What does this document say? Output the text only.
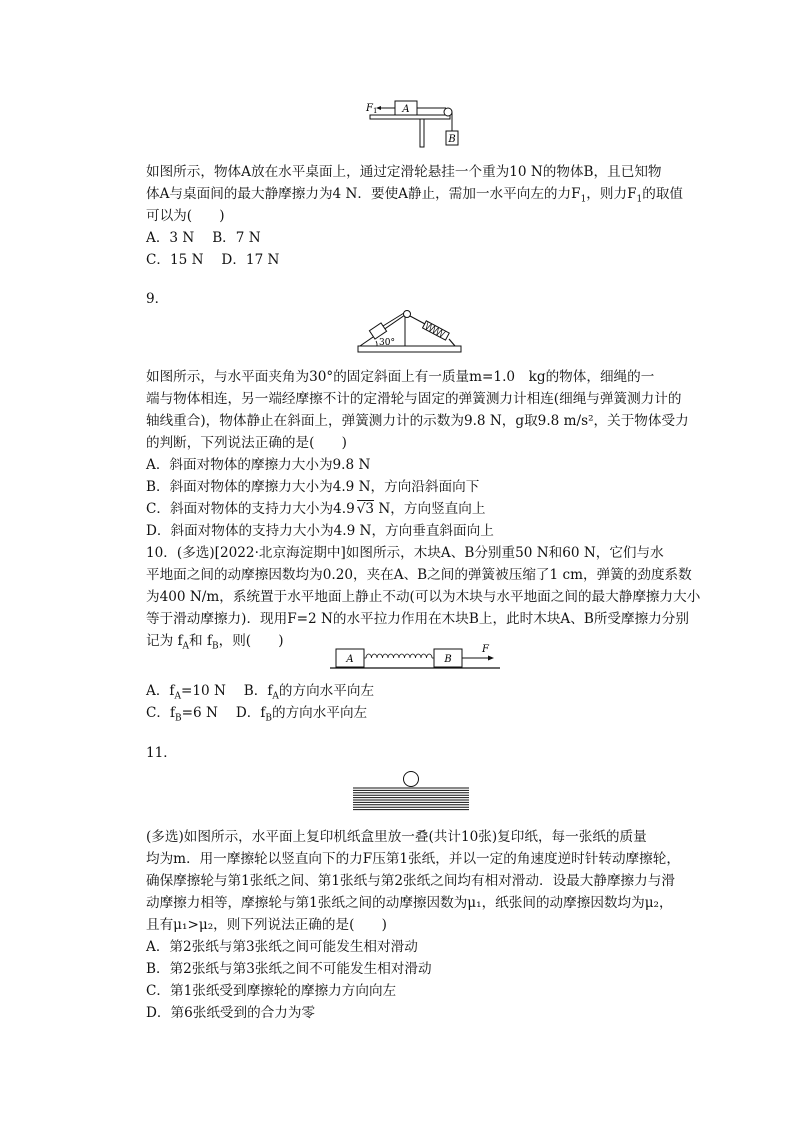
F 1 A
B
如图所示，物体A放在水平桌面上，通过定滑轮悬挂一个重为10 N的物体B，且已知物
体A与桌面间的最大静摩擦力为4 N．要使A静止，需加一水平向左的力$F_1$，则力$F_1$的取值
可以为(　　)
A．3 N　 B．7 N
C．15 N　 D．17 N
9．
30°
如图所示，与水平面夹角为30°的固定斜面上有一质量m=1.0　kg的物体，细绳的一
端与物体相连，另一端经摩擦不计的定滑轮与固定的弹簧测力计相连(细绳与弹簧测力计的
轴线重合)，物体静止在斜面上，弹簧测力计的示数为9.8 N，g取9.8 m/s²，关于物体受力
的判断，下列说法正确的是(　　)
A．斜面对物体的摩擦力大小为9.8 N
B．斜面对物体的摩擦力大小为4.9 N，方向沿斜面向下
C．斜面对物体的支持力大小为4.9 √3 N，方向竖直向上
D．斜面对物体的支持力大小为4.9 N，方向垂直斜面向上
10．(多选)[2022·北京海淀期中]如图所示，木块A、B分别重50 N和60 N，它们与水
平地面之间的动摩擦因数均为0.20，夹在A、B之间的弹簧被压缩了1 cm，弹簧的劲度系数
为400 N/m，系统置于水平地面上静止不动(可以为木块与水平地面之间的最大静摩擦力大小
等于滑动摩擦力)．现用F=2 N的水平拉力作用在木块B上，此时木块A、B所受摩擦力分别
记为 $f_A$和 $f_B$，则(　　)
A	B
F
A．$f_A=10$ N　 B．$f_A$的方向水平向左
C．$f_B=6$ N　 D．$f_B$的方向水平向左
11．
(多选)如图所示，水平面上复印机纸盒里放一叠(共计10张)复印纸，每一张纸的质量
均为m．用一摩擦轮以竖直向下的力F压第1张纸，并以一定的角速度逆时针转动摩擦轮，
确保摩擦轮与第1张纸之间、第1张纸与第2张纸之间均有相对滑动．设最大静摩擦力与滑
动摩擦力相等，摩擦轮与第1张纸之间的动摩擦因数为μ₁，纸张间的动摩擦因数均为μ₂，
且有μ₁>μ₂，则下列说法正确的是(　　)
A．第2张纸与第3张纸之间可能发生相对滑动
B．第2张纸与第3张纸之间不可能发生相对滑动
C．第1张纸受到摩擦轮的摩擦力方向向左
D．第6张纸受到的合力为零
